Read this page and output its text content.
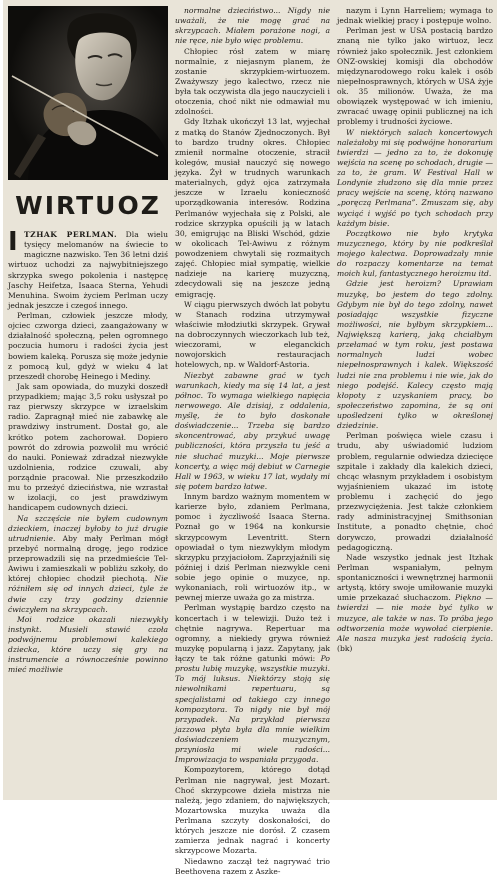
WIRTUOZ

ITZHAK PERLMAN. Dla wielu tysięcy melomanów na świecie to magiczne nazwisko. Ten 36 letni dziś wirtuoz uchodzi za najwybitniejszego skrzypka swego pokolenia i następcę Jaschy Heifetza, Isaaca Sterna, Yehudi Menuhina. Swoim życiem Perlman uczy jednak jeszcze i czegoś innego.

Perlman, człowiek jeszcze młody, ojciec czworga dzieci, zaangażowany w działalność społeczną, pełen ogromnego poczucia humoru i radości życia jest bowiem kaleką. Porusza się może jedynie z pomocą kul, gdyż w wieku 4 lat przeszedł chorobę Heinego i Mediny.

Jak sam opowiada, do muzyki doszedł przypadkiem; mając 3,5 roku usłyszał po raz pierwszy skrzypce w izraelskim radio. Zapragnął mieć nie zabawkę ale prawdziwy instrument. Dostał go, ale krótko potem zachorował. Dopiero powrót do zdrowia pozwolił mu wrócić do nauki. Ponieważ zdradzał niezwykłe uzdolnienia, rodzice czuwali, aby porządnie pracował. Nie przeszkodziło mu to przeżyć dzieciństwa, nie wzrastał w izolacji, co jest prawdziwym handicapem cudownych dzieci.

Na szczęście nie byłem cudownym dzieckiem, inaczej byłoby to już drugie utrudnienie. Aby mały Perlman mógł przebyć normalną drogę, jego rodzice przeprowadzili się na przedmieście Tel-Awiwu i zamieszkali w pobliżu szkoły, do której chłopiec chodził piechotą. Nie różniłem się od innych dzieci, tyle że dwie czy trzy godziny dziennie ćwiczyłem na skrzypcach.

Moi rodzice okazali niezwykły instynkt. Musieli stawić czoła podwójnemu problemowi kalekiego dziecka, które uczy się gry na instrumencie a równocześnie powinno mieć możliwie

normalne dzieciństwo... Nigdy nie uważali, że nie mogę grać na skrzypcach. Miałem porażone nogi, a nie ręce, nie było więc problemu.

Chłopiec rósł zatem w miarę normalnie, z niejasnym planem, że zostanie skrzypkiem-wirtuozem. Zważywszy jego kalectwo, rzecz nie była tak oczywista dla jego nauczycieli i otoczenia, choć nikt nie odmawiał mu zdolności.

Gdy Itzhak ukończył 13 lat, wyjechał z matką do Stanów Zjednoczonych. Był to bardzo trudny okres. Chłopiec zmienił normalne otoczenie, stracił kolegów, musiał nauczyć się nowego języka. Żył w trudnych warunkach materialnych, gdyż ojca zatrzymała jeszcze w Izraelu konieczność uporządkowania interesów. Rodzina Perlmanów wyjechała się z Polski, ale rodzice skrzypka opuścili ją w latach 30, emigrując na Bliski Wschód, gdzie w okolicach Tel-Awiwu z różnym powodzeniem chwytali się rozmaitych zajęć. Chłopiec miał sympatię, wielkie nadzieje na karierę muzyczną, zdecydowali się na jeszcze jedną emigrację.

W ciągu pierwszych dwóch lat pobytu w Stanach rodzina utrzymywał właściwie młodziutki skrzypek. Grywał na dobroczynnych wieczorkach lub też, wieczorami, w eleganckich nowojorskich restauracjach hotelowych, np. w Waldorf-Astoria.

Niezbyt zabawne grać w tych warunkach, kiedy ma się 14 lat, a jest północ. To wymaga wielkiego napięcia nerwowego. Ale dzisiaj, z oddalenia, myślę, że to było doskonałe doświadczenie... Trzeba się bardzo skoncentrować, aby przykuć uwagę publiczności, która przyszła tu jeść a nie słuchać muzyki... Moje pierwsze koncerty, a więc mój debiut w Carnegie Hall w 1963, w wieku 17 lat, wydały mi się potem bardzo łatwe.

Innym bardzo ważnym momentem w karierze było, zdaniem Perlmana, pomoc i życzliwość Isaaca Sterna. Poznał go w 1964 na konkursie skrzypcowym Leventritt. Stern opowiadał o tym niezwykłym młodym skrzypku przyjaciołom. Zaprzyjaźnili się później i dziś Perlman niezwykle ceni sobie jego opinie o muzyce, np. wykonaniach, roli wirtuozów itp., w pewnej mierze uważa go za mistrza.

Perlman wystąpię bardzo często na koncertach i w telewizji. Dużo też i chętnie nagrywa. Repertuar ma ogromny, a niekiedy grywa również muzykę popularną i jazz. Zapytany, jak łączy te tak różne gatunki mówi: Po prostu lubię muzykę, wszystkie muzyki. To mój luksus. Niektórzy stoją się niewolnikami repertuaru, są specjalistami od takiego czy innego kompozytora. To nigdy nie był mój przypadek. Na przykład pierwsza jazzowa płyta była dla mnie wielkim doświadczeniem muzycznym, przyniosła mi wiele radości... Improwizacja to wspaniała przygoda.

Kompozytorem, którego dotąd Perlman nie nagrywał, jest Mozart. Choć skrzypcowe dzieła mistrza nie należą, jego zdaniem, do największych, Mozartowska muzyka uważa dla Perlmana szczyty doskonałości, do których jeszcze nie dorósł. Z czasem zamierza jednak nagrać i koncerty skrzypcowe Mozarta.

Niedawno zaczął też nagrywać trio Beethovena razem z Aszke-

nazym i Lynn Harreliem; wymaga to jednak wielkiej pracy i postępuje wolno.

Perlman jest w USA postacią bardzo znaną nie tylko jako wirtuoz, lecz również jako społecznik. Jest członkiem ONZ-owskiej komisji dla obchodów międzynarodowego roku kalek i osób niepełnosprawnych, których w USA żyje ok. 35 milionów. Uważa, że ma obowiązek występować w ich imieniu, zwracać uwagę opinii publicznej na ich problemy i trudności życiowe.

W niektórych salach koncertowych należałoby mi się podwójne honorarium twierdzi — jedno za to, że dokonuję wejścia na scenę po schodach, drugie — za to, że gram. W Festival Hall w Londynie złudzono się dla mnie przez pracy wejście na scenę, którą nazwano „poręczą Perlmana”. Zmuszam się, aby wyciąć i wyjść po tych schodach przy każdym bisie.

Początkowo nie było krytyka muzycznego, który by nie podkreślał mojego kalectwa. Doprowadzały mnie do rozpaczy komentarze na temat moich kul, fantastycznego heroizmu itd.

Gdzie jest heroizm? Uprawiam muzykę, bo jestem do tego zdolny. Gdybym nie był do tego zdolny, nawet posiadając wszystkie fizyczne możliwości, nie byłbym skrzypkiem... Największą karierą, jaką chciałbym przełamać w tym roku, jest postawa normalnych ludzi wobec niepełnosprawnych i kalek. Większość ludzi nie zna problemu i nie wie, jak do niego podejść. Kalecy często mają kłopoty z uzyskaniem pracy, bo społeczeństwo zapomina, że są oni upośledzeni tylko w określonej dziedzinie.

Perlman poświęca wiele czasu i trudu, aby uświadomić ludziom problem, regularnie odwiedza dziecięce szpitale i zakłady dla kalekich dzieci, chcąc własnym przykładem i osobistym wyjaśnieniem ukazać im istotę problemu i zachęcić do jego przezwyciężenia. Jest także członkiem rady administracyjnej Smithsonian Institute, a ponadto chętnie, choć dorywczo, prowadzi działalność pedagogiczną.

Nade wszystko jednak jest Itzhak Perlman wspaniałym, pełnym spontaniczności i wewnętrznej harmonii artystą, który swoje umiłowanie muzyki umie przekazać słuchaczom. Piękno — twierdzi — nie może być tylko w muzyce, ale także w nas. To próba jego odtworzenia może wywołać cierpienie. Ale nasza muzyka jest radością życia. (bk)
